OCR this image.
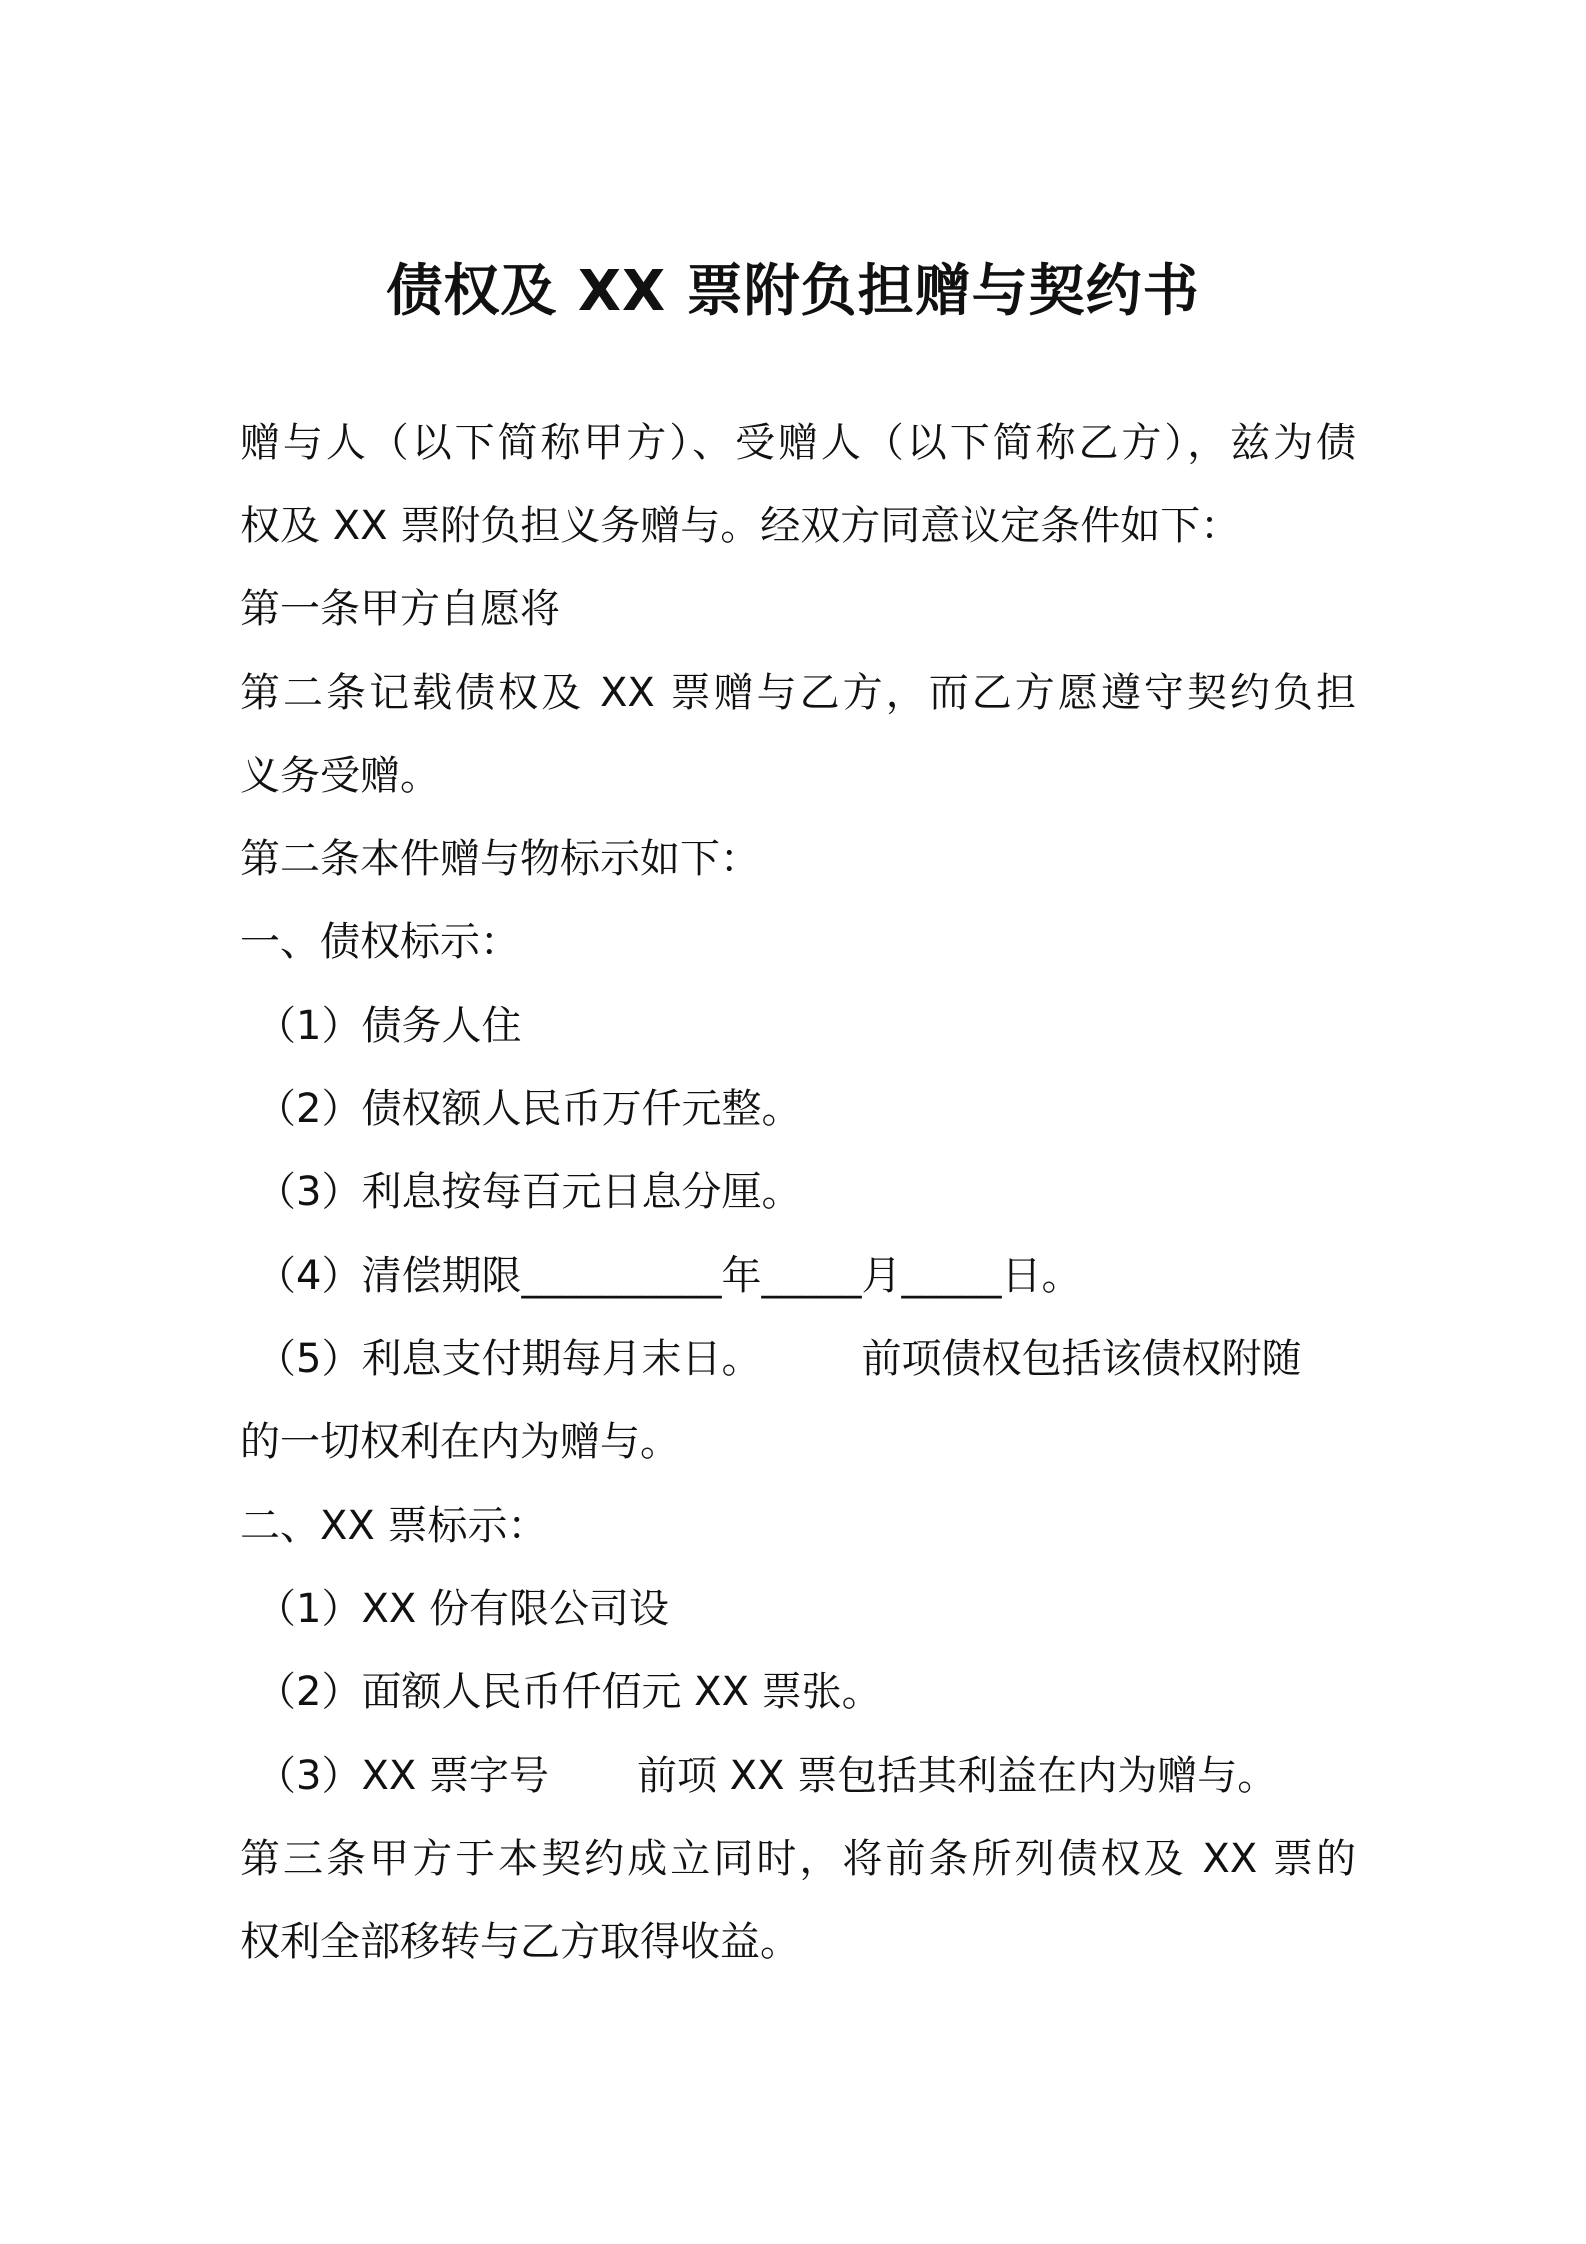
债权及 XX 票附负担赠与契约书
赠与人（以下简称甲方）、受赠人（以下简称乙方），兹为债
权及 XX 票附负担义务赠与。经双方同意议定条件如下：
第一条甲方自愿将
第二条记载债权及 XX 票赠与乙方，而乙方愿遵守契约负担
义务受赠。
第二条本件赠与物标示如下：
一、债权标示：
（1）债务人住
（2）债权额人民币万仟元整。
（3）利息按每百元日息分厘。
（4）清偿期限__________年_____月_____日。
（5）利息支付期每月末日。	前项债权包括该债权附随
的一切权利在内为赠与。
二、XX 票标示：
（1）XX 份有限公司设
（2）面额人民币仟佰元 XX 票张。
（3）XX 票字号 前项 XX 票包括其利益在内为赠与。
第三条甲方于本契约成立同时，将前条所列债权及 XX 票的
权利全部移转与乙方取得收益。
